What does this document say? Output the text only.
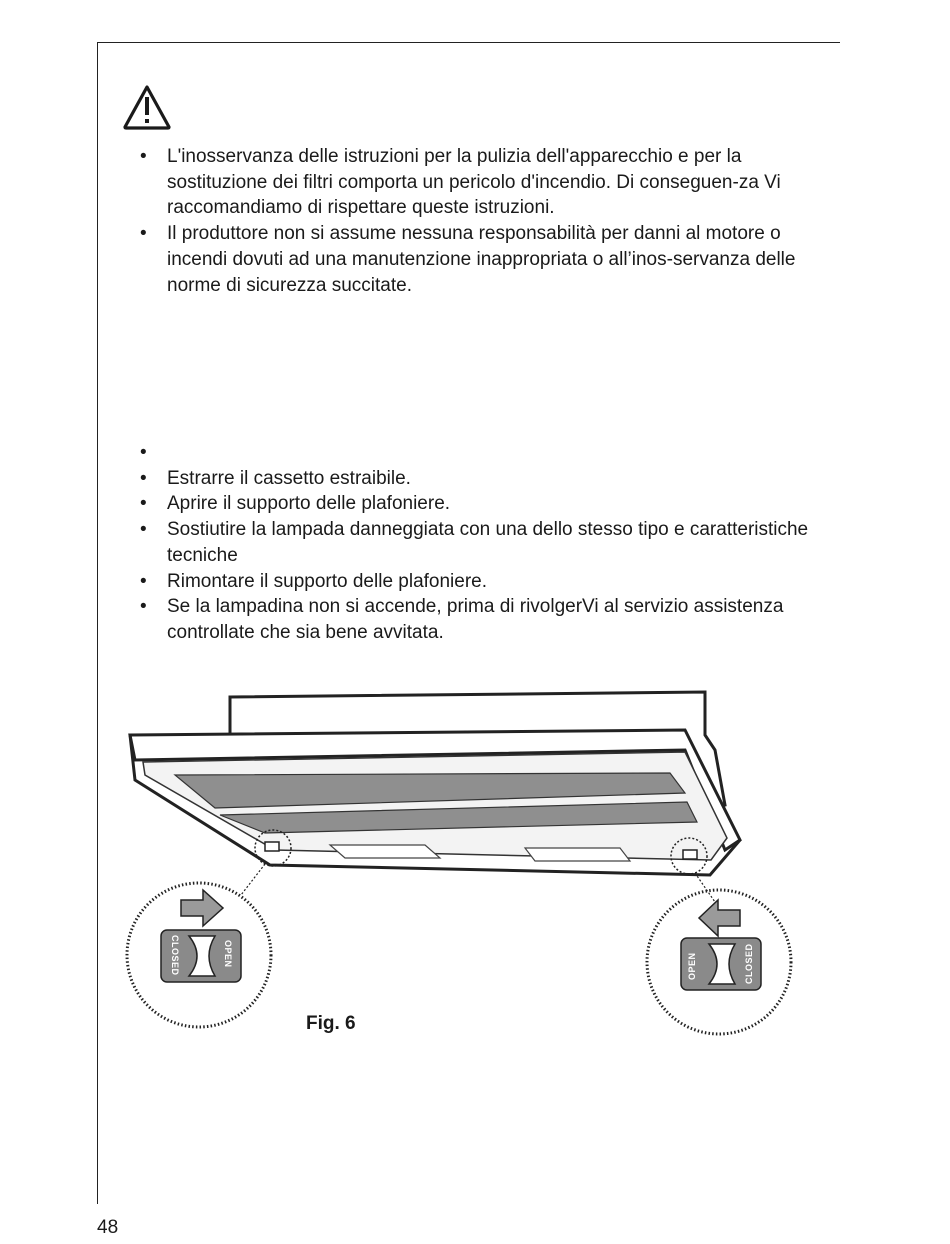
• L'inosservanza delle istruzioni per la pulizia dell'apparecchio e per la sostituzione dei filtri comporta un pericolo d'incendio. Di conseguen-za Vi raccomandiamo di rispettare queste istruzioni.
• Il produttore non si assume nessuna responsabilità per danni al motore o incendi dovuti ad una manutenzione inappropriata o all’inos-servanza delle norme di sicurezza succitate.
•
• Estrarre il cassetto estraibile.
• Aprire il supporto delle plafoniere.
• Sostiutire la lampada danneggiata con una dello stesso tipo e caratteristiche tecniche
• Rimontare il supporto delle plafoniere.
• Se la lampadina non si accende, prima di rivolgerVi al servizio assistenza controllate che sia bene avvitata.
CLOSED	OPEN	OPEN	CLOSED
Fig. 6
48
